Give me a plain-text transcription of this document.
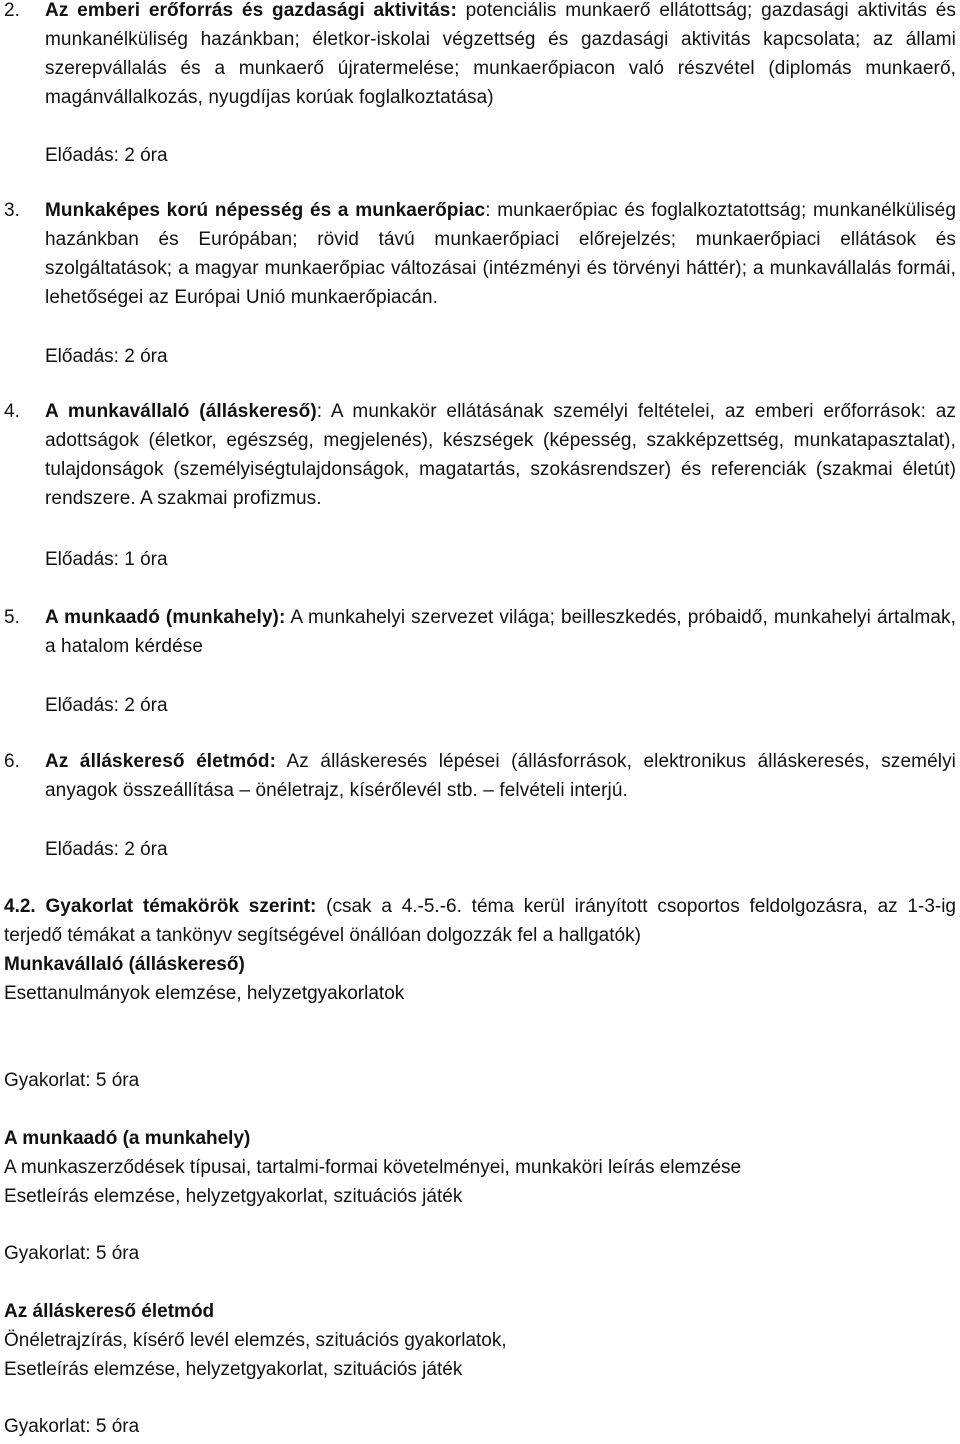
2.	Az emberi erőforrás és gazdasági aktivitás: potenciális munkaerő ellátottság; gazdasági aktivitás és munkanélküliség hazánkban; életkor-iskolai végzettség és gazdasági aktivitás kapcsolata; az állami szerepvállalás és a munkaerő újratermelése; munkaerőpiacon való részvétel (diplomás munkaerő, magánvállalkozás, nyugdíjas korúak foglalkoztatása)
Előadás: 2 óra
3.	Munkaképes korú népesség és a munkaerőpiac: munkaerőpiac és foglalkoztatottság; munkanélküliség hazánkban és Európában; rövid távú munkaerőpiaci előrejelzés; munkaerőpiaci ellátások és szolgáltatások; a magyar munkaerőpiac változásai (intézményi és törvényi háttér); a munkavállalás formái, lehetőségei az Európai Unió munkaerőpiacán.
Előadás: 2 óra
4.	A munkavállaló (álláskereső): A munkakör ellátásának személyi feltételei, az emberi erőforrások: az adottságok (életkor, egészség, megjelenés), készségek (képesség, szakképzettség, munkatapasztalat), tulajdonságok (személyiségtulajdonságok, magatartás, szokásrendszer) és referenciák (szakmai életút) rendszere. A szakmai profizmus.
Előadás: 1 óra
5.	A munkaadó (munkahely): A munkahelyi szervezet világa; beilleszkedés, próbaidő, munkahelyi ártalmak, a hatalom kérdése
Előadás: 2 óra
6.	Az álláskereső életmód: Az álláskeresés lépései (állásforrások, elektronikus álláskeresés, személyi anyagok összeállítása – önéletrajz, kísérőlevél stb. – felvételi interjú.
Előadás: 2 óra

4.2. Gyakorlat témakörök szerint: (csak a 4.-5.-6. téma kerül irányított csoportos feldolgozásra, az 1-3-ig terjedő témákat a tankönyv segítségével önállóan dolgozzák fel a hallgatók)

Munkavállaló (álláskereső)

Esettanulmányok elemzése, helyzetgyakorlatok

Gyakorlat: 5 óra

A munkaadó (a munkahely)

A munkaszerződések típusai, tartalmi-formai követelményei, munkaköri leírás elemzése

Esetleírás elemzése, helyzetgyakorlat, szituációs játék

Gyakorlat: 5 óra

Az álláskereső életmód

Önéletrajzírás, kísérő levél elemzés, szituációs gyakorlatok,

Esetleírás elemzése, helyzetgyakorlat, szituációs játék

Gyakorlat: 5 óra
